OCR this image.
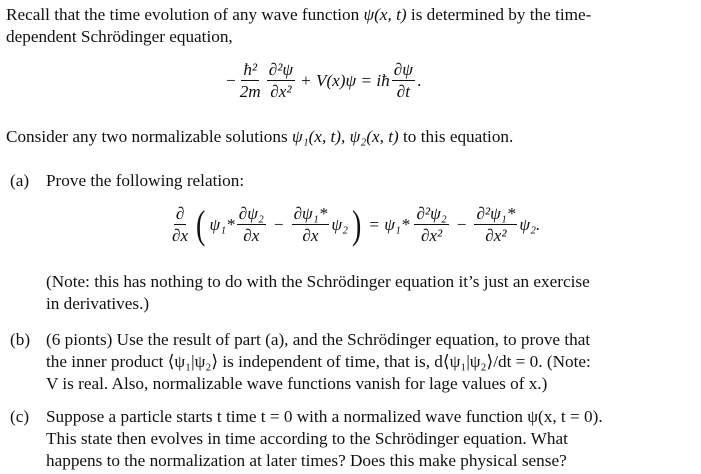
Recall that the time evolution of any wave function ψ(x, t) is determined by the time-
dependent Schrödinger equation,
− $\frac{\text{ħ²}}{2m} \frac{\text{∂²ψ}}{\text{∂x²}} + V(x)\psi$ = iħ $\frac{\partial\psi}{\partial t}$ .
Consider any two normalizable solutions ψ₁(x, t), ψ₂(x, t) to this equation.
(a) Prove the following relation:
$\frac{\partial}{\partial x}$ ( $\psi_1* \frac{\text{∂ψ₂}}{\partial x} - \frac{\text{∂ψ₁*}}{\partial x} \psi_2$ ) = $\psi_1* \frac{\text{∂²ψ₂}}{\text{∂x²}} - \frac{\text{∂²ψ₁*}}{\text{∂x²}} \psi_2$.
(Note: this has nothing to do with the Schrödinger equation it’s just an exercise
in derivatives.)
(b) (6 pionts) Use the result of part (a), and the Schrödinger equation, to prove that
the inner product ⟨ψ₁|ψ₂⟩ is independent of time, that is, d⟨ψ₁|ψ₂⟩/dt = 0. (Note:
V is real. Also, normalizable wave functions vanish for lage values of x.)
(c) Suppose a particle starts t time t = 0 with a normalized wave function ψ(x, t = 0).
This state then evolves in time according to the Schrödinger equation. What
happens to the normalization at later times? Does this make physical sense?
